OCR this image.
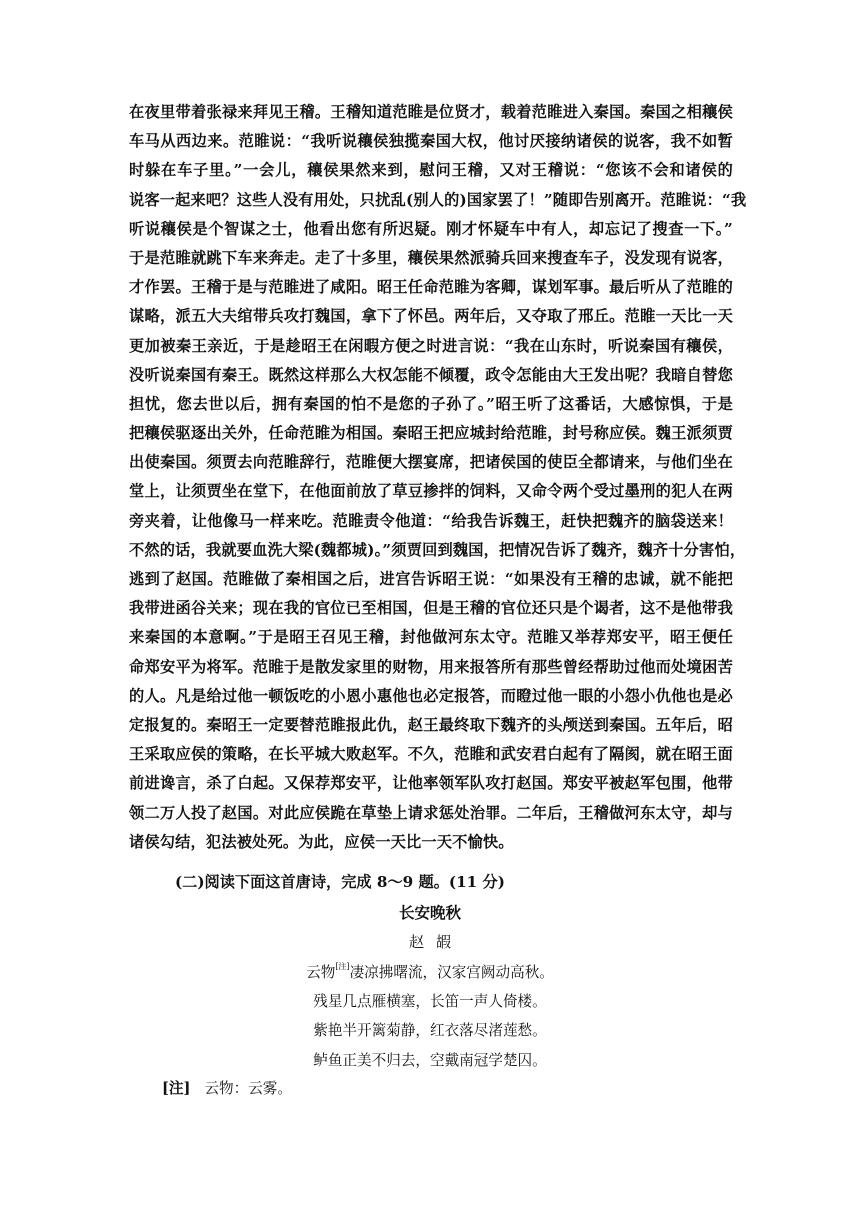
在夜里带着张禄来拜见王稽。王稽知道范睢是位贤才，载着范睢进入秦国。秦国之相穰侯
车马从西边来。范睢说：“我听说穰侯独揽秦国大权，他讨厌接纳诸侯的说客，我不如暂
时躲在车子里。”一会儿，穰侯果然来到，慰问王稽，又对王稽说：“您该不会和诸侯的
说客一起来吧？这些人没有用处，只扰乱(别人的)国家罢了！”随即告别离开。范睢说：“我
听说穰侯是个智谋之士，他看出您有所迟疑。刚才怀疑车中有人，却忘记了搜查一下。”
于是范睢就跳下车来奔走。走了十多里，穰侯果然派骑兵回来搜查车子，没发现有说客，
才作罢。王稽于是与范睢进了咸阳。昭王任命范睢为客卿，谋划军事。最后听从了范睢的
谋略，派五大夫绾带兵攻打魏国，拿下了怀邑。两年后，又夺取了邢丘。范睢一天比一天
更加被秦王亲近，于是趁昭王在闲暇方便之时进言说：“我在山东时，听说秦国有穰侯，
没听说秦国有秦王。既然这样那么大权怎能不倾覆，政令怎能由大王发出呢？我暗自替您
担忧，您去世以后，拥有秦国的怕不是您的子孙了。”昭王听了这番话，大感惊惧，于是
把穰侯驱逐出关外，任命范睢为相国。秦昭王把应城封给范睢，封号称应侯。魏王派须贾
出使秦国。须贾去向范睢辞行，范睢便大摆宴席，把诸侯国的使臣全都请来，与他们坐在
堂上，让须贾坐在堂下，在他面前放了草豆掺拌的饲料，又命令两个受过墨刑的犯人在两
旁夹着，让他像马一样来吃。范睢责令他道：“给我告诉魏王，赶快把魏齐的脑袋送来！
不然的话，我就要血洗大梁(魏都城)。”须贾回到魏国，把情况告诉了魏齐，魏齐十分害怕，
逃到了赵国。范睢做了秦相国之后，进宫告诉昭王说：“如果没有王稽的忠诚，就不能把
我带进函谷关来；现在我的官位已至相国，但是王稽的官位还只是个谒者，这不是他带我
来秦国的本意啊。”于是昭王召见王稽，封他做河东太守。范睢又举荐郑安平，昭王便任
命郑安平为将军。范睢于是散发家里的财物，用来报答所有那些曾经帮助过他而处境困苦
的人。凡是给过他一顿饭吃的小恩小惠他也必定报答，而瞪过他一眼的小怨小仇他也是必
定报复的。秦昭王一定要替范睢报此仇，赵王最终取下魏齐的头颅送到秦国。五年后，昭
王采取应侯的策略，在长平城大败赵军。不久，范睢和武安君白起有了隔阂，就在昭王面
前进谗言，杀了白起。又保荐郑安平，让他率领军队攻打赵国。郑安平被赵军包围，他带
领二万人投了赵国。对此应侯跪在草垫上请求惩处治罪。二年后，王稽做河东太守，却与
诸侯勾结，犯法被处死。为此，应侯一天比一天不愉快。
(二)阅读下面这首唐诗，完成 8～9 题。(11 分)
长安晚秋
赵嘏
云物[注]凄凉拂曙流，汉家宫阙动高秋。
残星几点雁横塞，长笛一声人倚楼。
紫艳半开篱菊静，红衣落尽渚莲愁。
鲈鱼正美不归去，空戴南冠学楚囚。
[注] 云物：云雾。
